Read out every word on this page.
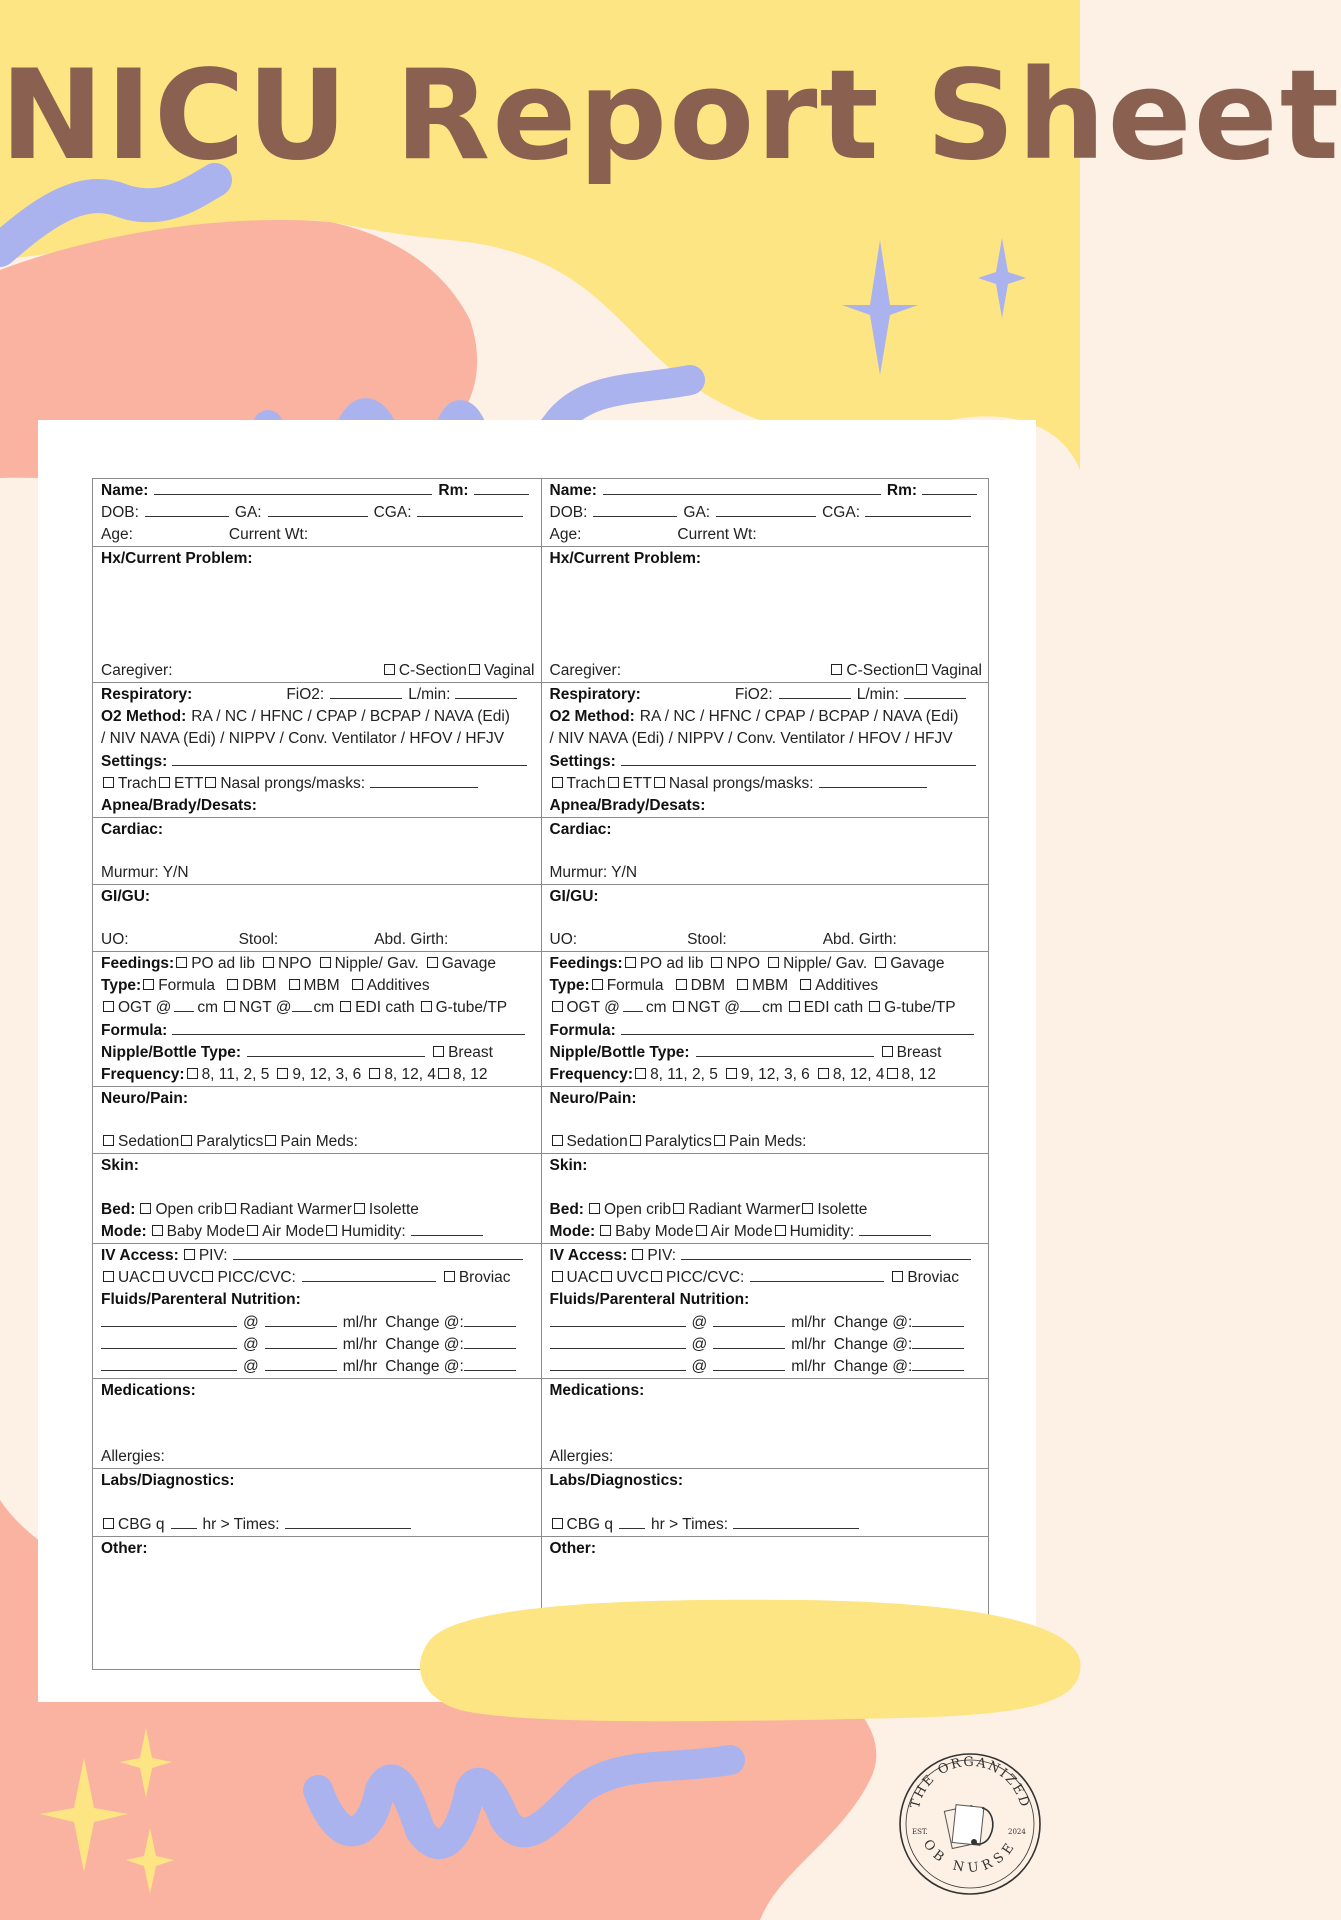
NICU Report Sheet
Name:	Rm:
DOB:	GA:	CGA:
Age:	Current Wt:
Hx/Current Problem:
Caregiver:	C-Section Vaginal
Respiratory:	FiO2:	L/min:
O2 Method: RA / NC / HFNC / CPAP / BCPAP / NAVA (Edi)
/ NIV NAVA (Edi) / NIPPV / Conv. Ventilator / HFOV / HFJV
Settings:
Trach ETT Nasal prongs/masks:
Apnea/Brady/Desats:
Cardiac:
Murmur: Y/N
GI/GU:
UO:	Stool:	Abd. Girth:
Feedings: PO ad lib NPO Nipple/ Gav. Gavage
Type: Formula DBM MBM Additives
OGT @ cm NGT @ cm EDI cath G-tube/TP
Formula:
Nipple/Bottle Type:	Breast
Frequency: 8, 11, 2, 5 9, 12, 3, 6 8, 12, 4 8, 12
Neuro/Pain:
Sedation Paralytics Pain Meds:
Skin:
Bed: Open crib Radiant Warmer Isolette
Mode: Baby Mode Air Mode Humidity:
IV Access: PIV:
UAC UVC PICC/CVC:	Broviac
Fluids/Parenteral Nutrition:
@	ml/hr Change @:
@	ml/hr Change @:
@	ml/hr Change @:
Medications:
Allergies:
Labs/Diagnostics:
CBG q hr > Times:
Other:
Name:	Rm:
DOB:	GA:	CGA:
Age:	Current Wt:
Hx/Current Problem:
Caregiver:	C-Section Vaginal
Respiratory:	FiO2:	L/min:
O2 Method: RA / NC / HFNC / CPAP / BCPAP / NAVA (Edi)
/ NIV NAVA (Edi) / NIPPV / Conv. Ventilator / HFOV / HFJV
Settings:
Trach ETT Nasal prongs/masks:
Apnea/Brady/Desats:
Cardiac:
Murmur: Y/N
GI/GU:
UO:	Stool:	Abd. Girth:
Feedings: PO ad lib NPO Nipple/ Gav. Gavage
Type: Formula DBM MBM Additives
OGT @ cm NGT @ cm EDI cath G-tube/TP
Formula:
Nipple/Bottle Type:	Breast
Frequency: 8, 11, 2, 5 9, 12, 3, 6 8, 12, 4 8, 12
Neuro/Pain:
Sedation Paralytics Pain Meds:
Skin:
Bed: Open crib Radiant Warmer Isolette
Mode: Baby Mode Air Mode Humidity:
IV Access: PIV:
UAC UVC PICC/CVC:	Broviac
Fluids/Parenteral Nutrition:
@	ml/hr Change @:
@	ml/hr Change @:
@	ml/hr Change @:
Medications:
Allergies:
Labs/Diagnostics:
CBG q hr > Times:
Other:
THE ORGANIZED
OB NURSE
EST.	2024
